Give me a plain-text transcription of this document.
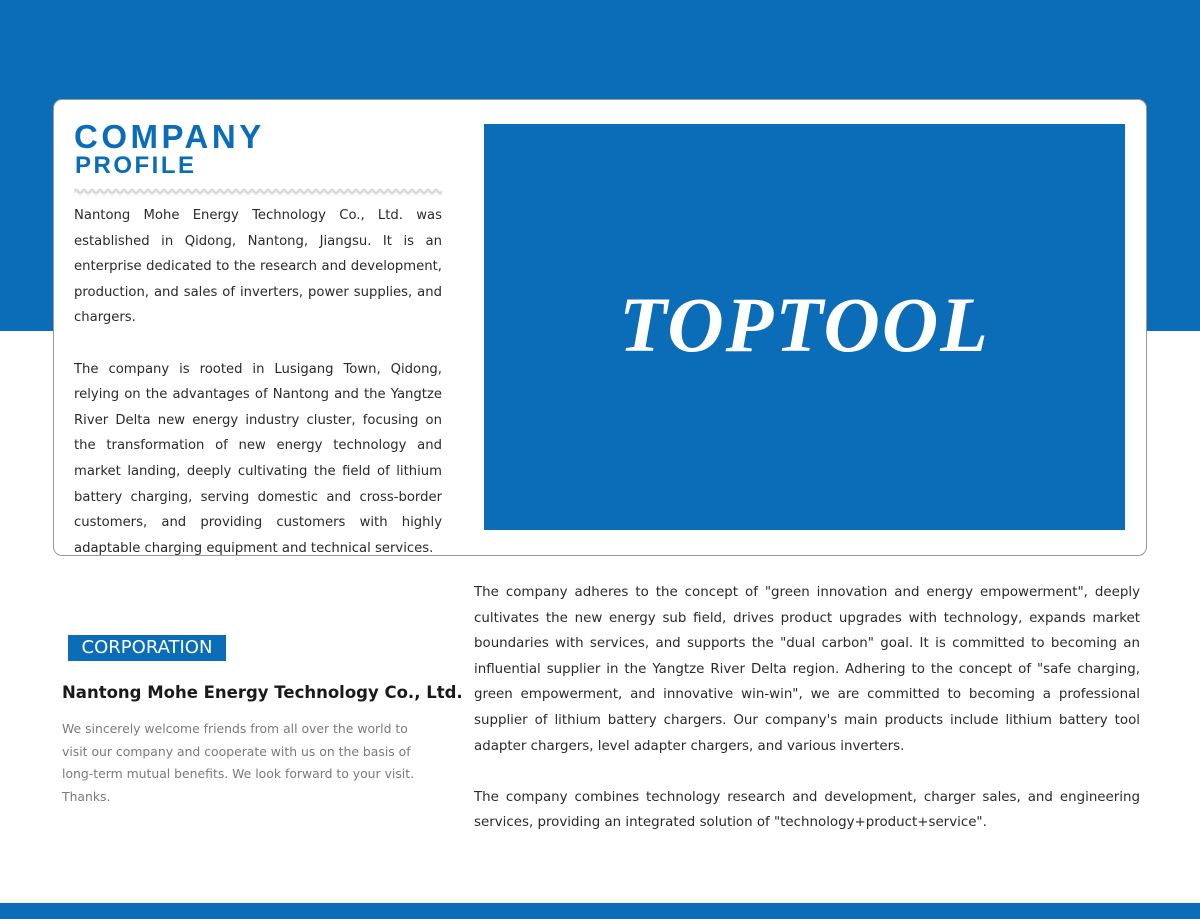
COMPANY
PROFILE

Nantong Mohe Energy Technology Co., Ltd. was established in Qidong, Nantong, Jiangsu. It is an enterprise dedicated to the research and development, production, and sales of inverters, power supplies, and chargers.

The company is rooted in Lusigang Town, Qidong, relying on the advantages of Nantong and the Yangtze River Delta new energy industry cluster, focusing on the transformation of new energy technology and market landing, deeply cultivating the field of lithium battery charging, serving domestic and cross-border customers, and providing customers with highly adaptable charging equipment and technical services.

TOPTOOL
CORPORATION
Nantong Mohe Energy Technology Co., Ltd.

We sincerely welcome friends from all over the world to visit our company and cooperate with us on the basis of long-term mutual benefits. We look forward to your visit. Thanks.

The company adheres to the concept of "green innovation and energy empowerment", deeply cultivates the new energy sub field, drives product upgrades with technology, expands market boundaries with services, and supports the "dual carbon" goal. It is committed to becoming an influential supplier in the Yangtze River Delta region. Adhering to the concept of "safe charging, green empowerment, and innovative win-win", we are committed to becoming a professional supplier of lithium battery chargers. Our company's main products include lithium battery tool adapter chargers, level adapter chargers, and various inverters.

The company combines technology research and development, charger sales, and engineering services, providing an integrated solution of "technology+product+service".
